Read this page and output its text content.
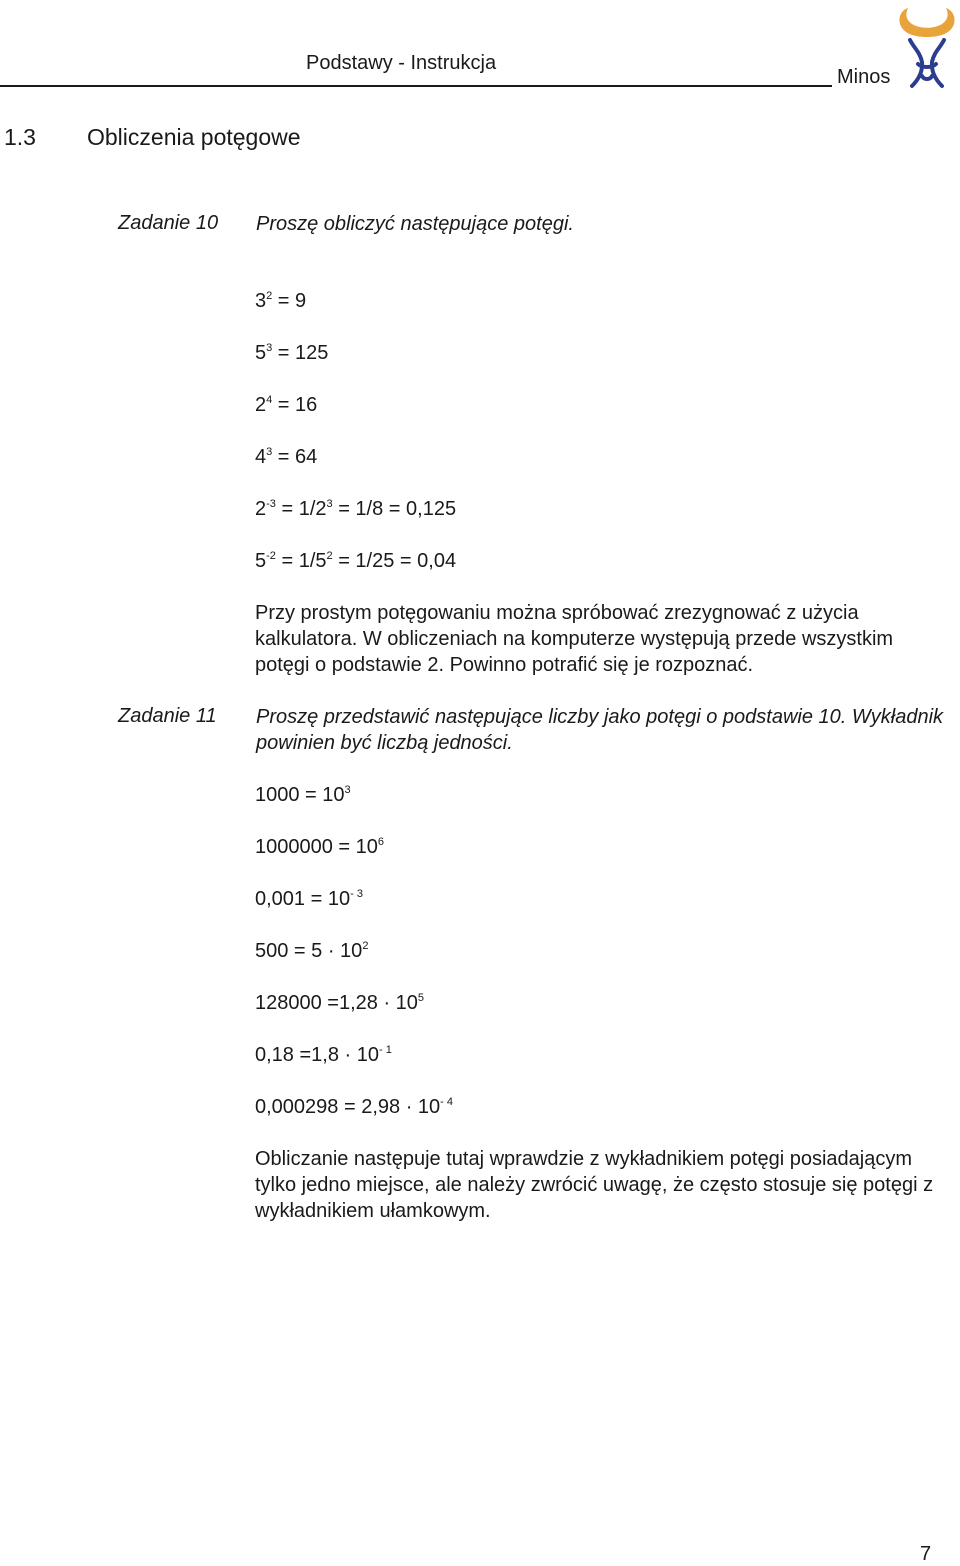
Podstawy - Instrukcja
Minos
1.3 Obliczenia potęgowe
Zadanie 10 Proszę obliczyć następujące potęgi.
$3^2 = 9$
$5^3 = 125$
$2^4 = 16$
$4^3 = 64$
$2^{-3} = 1/2^3 = 1/8 = 0,125$
$5^{-2} = 1/5^2 = 1/25 = 0,04$
Przy prostym potęgowaniu można spróbować zrezygnować z użycia kalkulatora. W obliczeniach na komputerze występują przede wszystkim potęgi o podstawie 2. Powinno potrafić się je rozpoznać.
Zadanie 11 Proszę przedstawić następujące liczby jako potęgi o podstawie 10. Wykładnik powinien być liczbą jedności.
$1000 = 10^3$
$1000000 = 10^6$
$0,001 = 10^{- 3}$
$500 = 5 \cdot 10^2$
$128000 =1,28 \cdot 10^5$
$0,18 =1,8 \cdot 10^{- 1}$
$0,000298 = 2,98 \cdot 10^{- 4}$
Obliczanie następuje tutaj wprawdzie z wykładnikiem potęgi posiadającym tylko jedno miejsce, ale należy zwrócić uwagę, że często stosuje się potęgi z wykładnikiem ułamkowym.
7
